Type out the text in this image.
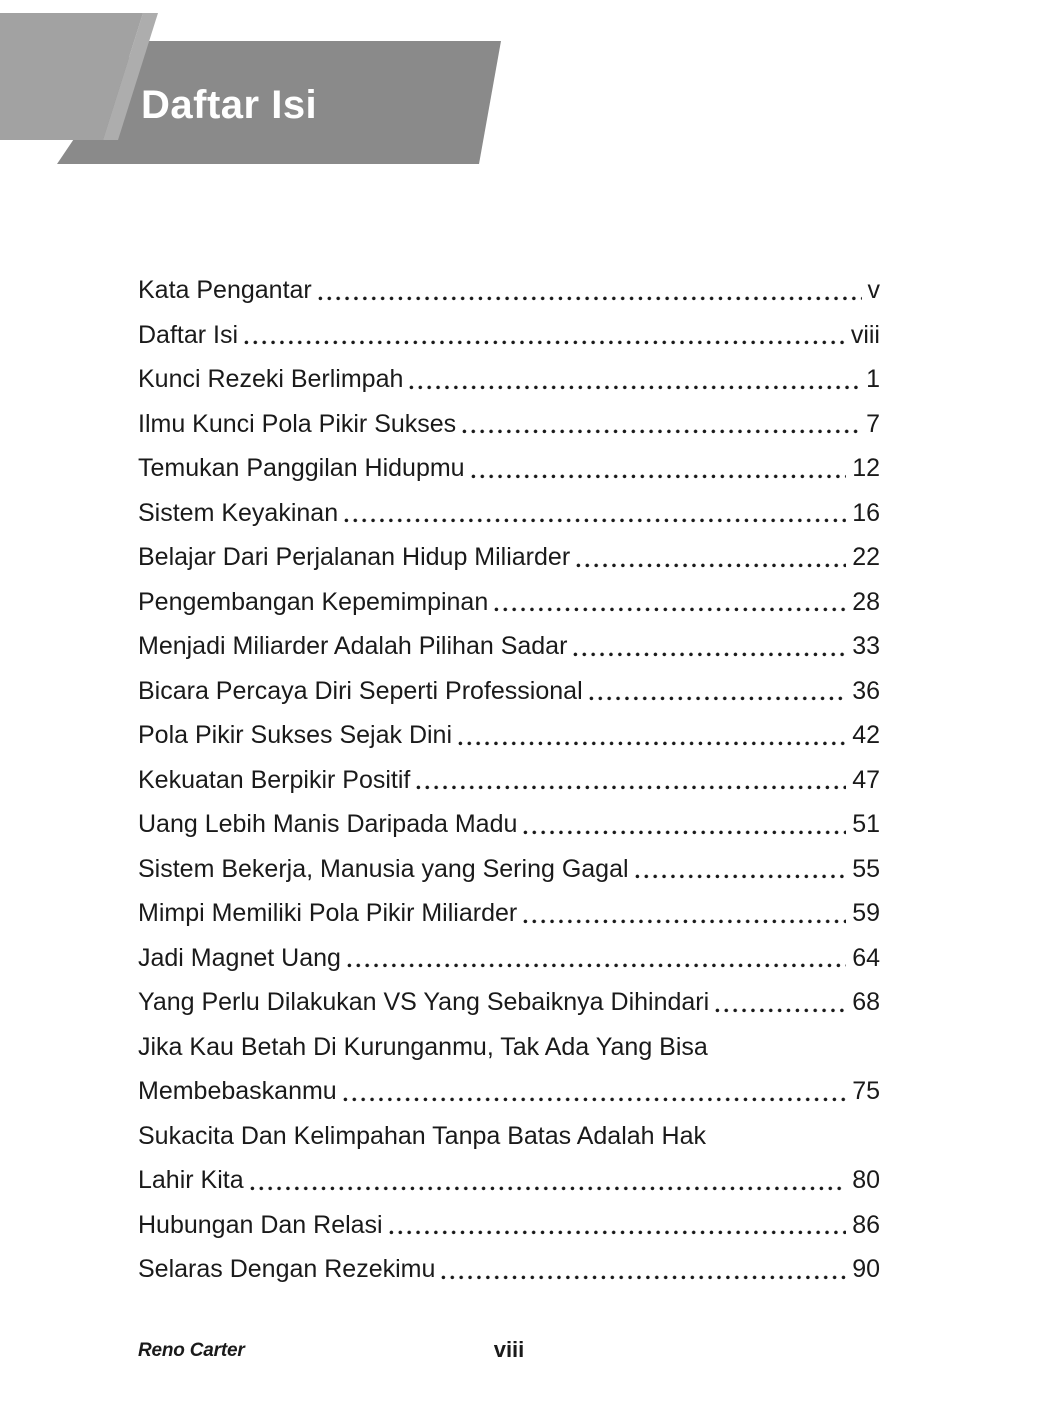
Daftar Isi
Kata Pengantar	v
Daftar Isi	viii
Kunci Rezeki Berlimpah	1
Ilmu Kunci Pola Pikir Sukses	7
Temukan Panggilan Hidupmu	12
Sistem Keyakinan	16
Belajar Dari Perjalanan Hidup Miliarder	22
Pengembangan Kepemimpinan	28
Menjadi Miliarder Adalah Pilihan Sadar	33
Bicara Percaya Diri Seperti Professional	36
Pola Pikir Sukses Sejak Dini	42
Kekuatan Berpikir Positif	47
Uang Lebih Manis Daripada Madu	51
Sistem Bekerja, Manusia yang Sering Gagal	55
Mimpi Memiliki Pola Pikir Miliarder	59
Jadi Magnet Uang	64
Yang Perlu Dilakukan VS Yang Sebaiknya Dihindari	68
Jika Kau Betah Di Kurunganmu, Tak Ada Yang Bisa
Membebaskanmu	75
Sukacita Dan Kelimpahan Tanpa Batas Adalah Hak
Lahir Kita	80
Hubungan Dan Relasi	86
Selaras Dengan Rezekimu	90
Reno Carter	viii
